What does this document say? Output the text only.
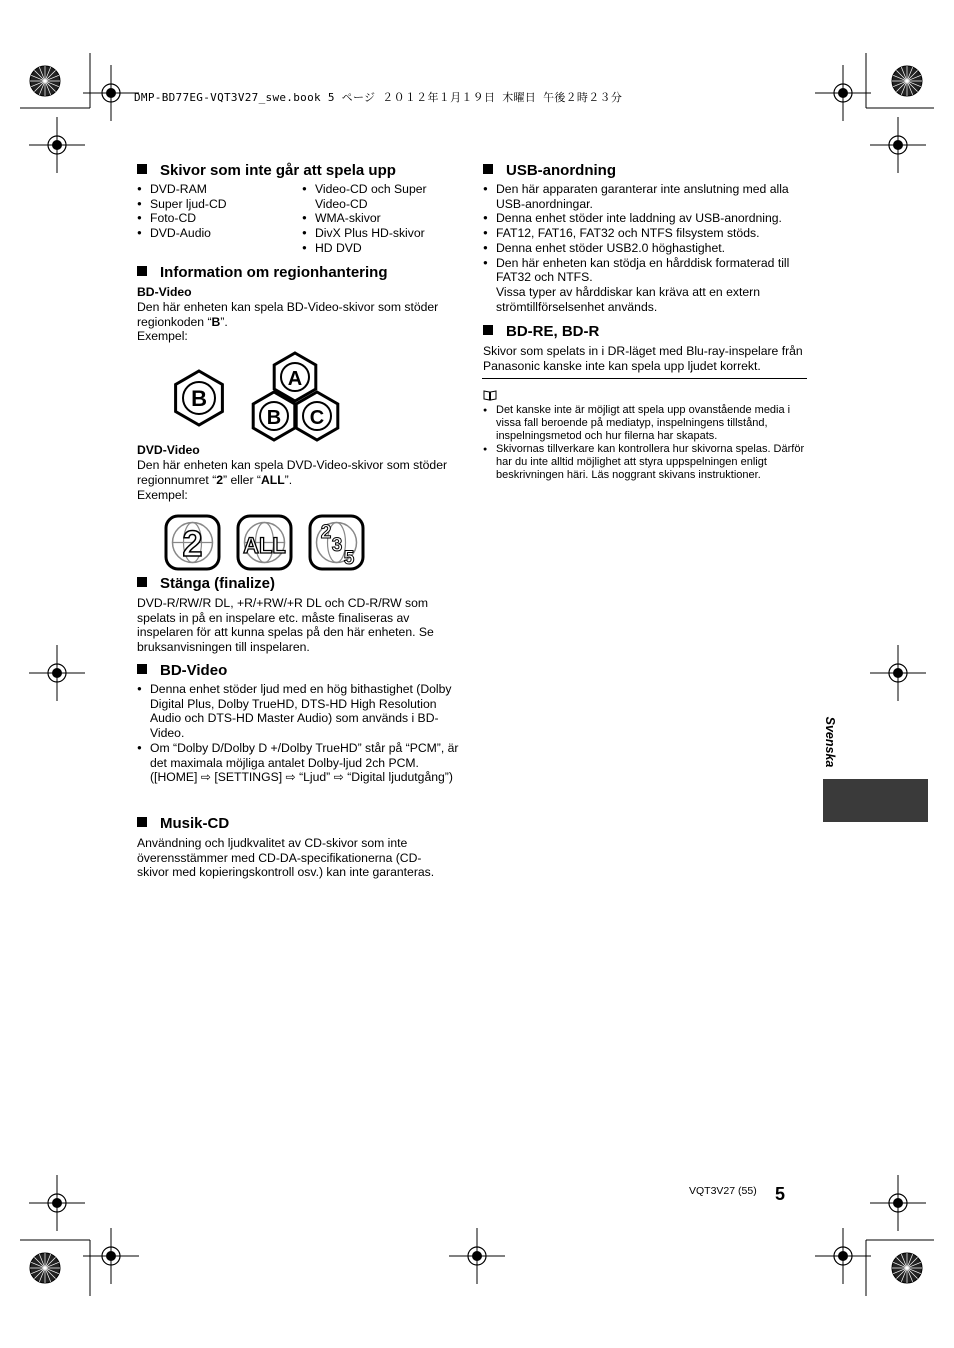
DMP-BD77EG-VQT3V27_swe.book 5 ページ ２０１２年１月１９日 木曜日 午後２時２３分
Skivor som inte går att spela upp
● DVD-RAM
● Super ljud-CD
● Foto-CD
● DVD-Audio
● Video-CD och Super Video-CD
● WMA-skivor
● DivX Plus HD-skivor
● HD DVD
Information om regionhantering
BD-Video
Den här enheten kan spela BD-Video-skivor som stöder regionkoden “B”.
Exempel:
B
A
B C
DVD-Video
Den här enheten kan spela DVD-Video-skivor som stöder regionnumret “2” eller “ALL”.
Exempel:
2 ALL
2
3
5
Stänga (finalize)
DVD-R/RW/R DL, +R/+RW/+R DL och CD-R/RW som spelats in på en inspelare etc. måste finaliseras av inspelaren för att kunna spelas på den här enheten. Se bruksanvisningen till inspelaren.
BD-Video
● Denna enhet stöder ljud med en hög bithastighet (Dolby Digital Plus, Dolby TrueHD, DTS-HD High Resolution Audio och DTS-HD Master Audio) som används i BD-Video.
● Om “Dolby D/Dolby D +/Dolby TrueHD” står på “PCM”, är det maximala möjliga antalet Dolby-ljud 2ch PCM. ([HOME] ⇨ [SETTINGS] ⇨ “Ljud” ⇨ “Digital ljudutgång”)
Musik-CD
Användning och ljudkvalitet av CD-skivor som inte överensstämmer med CD-DA-specifikationerna (CD-skivor med kopieringskontroll osv.) kan inte garanteras.
USB-anordning
● Den här apparaten garanterar inte anslutning med alla USB-anordningar.
● Denna enhet stöder inte laddning av USB-anordning.
● FAT12, FAT16, FAT32 och NTFS filsystem stöds.
● Denna enhet stöder USB2.0 höghastighet.
● Den här enheten kan stödja en hårddisk formaterad till FAT32 och NTFS.
Vissa typer av hårddiskar kan kräva att en extern strömtillförselsenhet används.
BD-RE, BD-R
Skivor som spelats in i DR-läget med Blu-ray-inspelare från Panasonic kanske inte kan spela upp ljudet korrekt.
● Det kanske inte är möjligt att spela upp ovanstående media i vissa fall beroende på mediatyp, inspelningens tillstånd, inspelningsmetod och hur filerna har skapats.
● Skivornas tillverkare kan kontrollera hur skivorna spelas. Därför har du inte alltid möjlighet att styra uppspelningen enligt beskrivningen häri. Läs noggrant skivans instruktioner.
Svenska
VQT3V27 (55) 5
